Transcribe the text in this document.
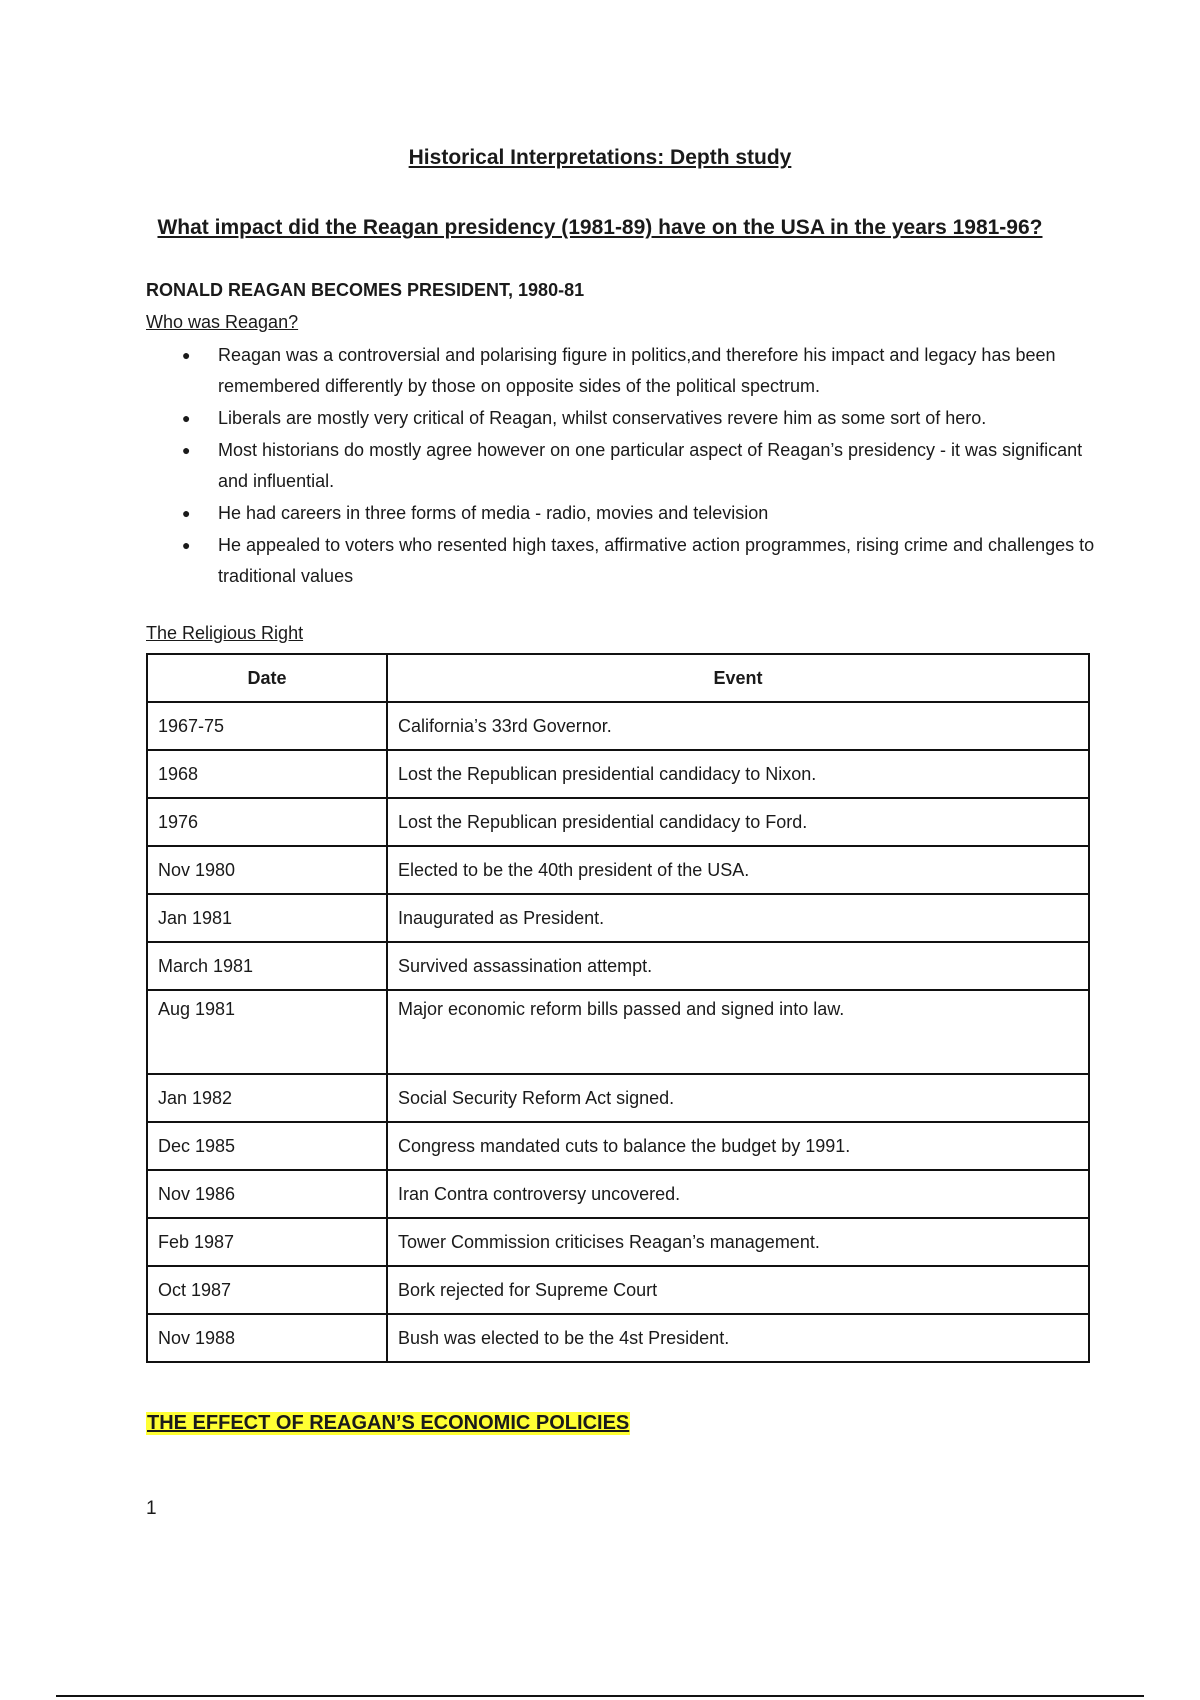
Historical Interpretations: Depth study
What impact did the Reagan presidency (1981-89) have on the USA in the years 1981-96?
RONALD REAGAN BECOMES PRESIDENT, 1980-81
Who was Reagan?
● Reagan was a controversial and polarising figure in politics,and therefore his impact and legacy has been remembered differently by those on opposite sides of the political spectrum.
● Liberals are mostly very critical of Reagan, whilst conservatives revere him as some sort of hero.
● Most historians do mostly agree however on one particular aspect of Reagan’s presidency - it was significant and influential.
● He had careers in three forms of media - radio, movies and television
● He appealed to voters who resented high taxes, affirmative action programmes, rising crime and challenges to traditional values
The Religious Right
Date	Event
1967-75	California’s 33rd Governor.
1968	Lost the Republican presidential candidacy to Nixon.
1976	Lost the Republican presidential candidacy to Ford.
Nov 1980	Elected to be the 40th president of the USA.
Jan 1981	Inaugurated as President.
March 1981	Survived assassination attempt.
Aug 1981	Major economic reform bills passed and signed into law.
Jan 1982	Social Security Reform Act signed.
Dec 1985	Congress mandated cuts to balance the budget by 1991.
Nov 1986	Iran Contra controversy uncovered.
Feb 1987	Tower Commission criticises Reagan’s management.
Oct 1987	Bork rejected for Supreme Court
Nov 1988	Bush was elected to be the 4st President.
THE EFFECT OF REAGAN’S ECONOMIC POLICIES
1
